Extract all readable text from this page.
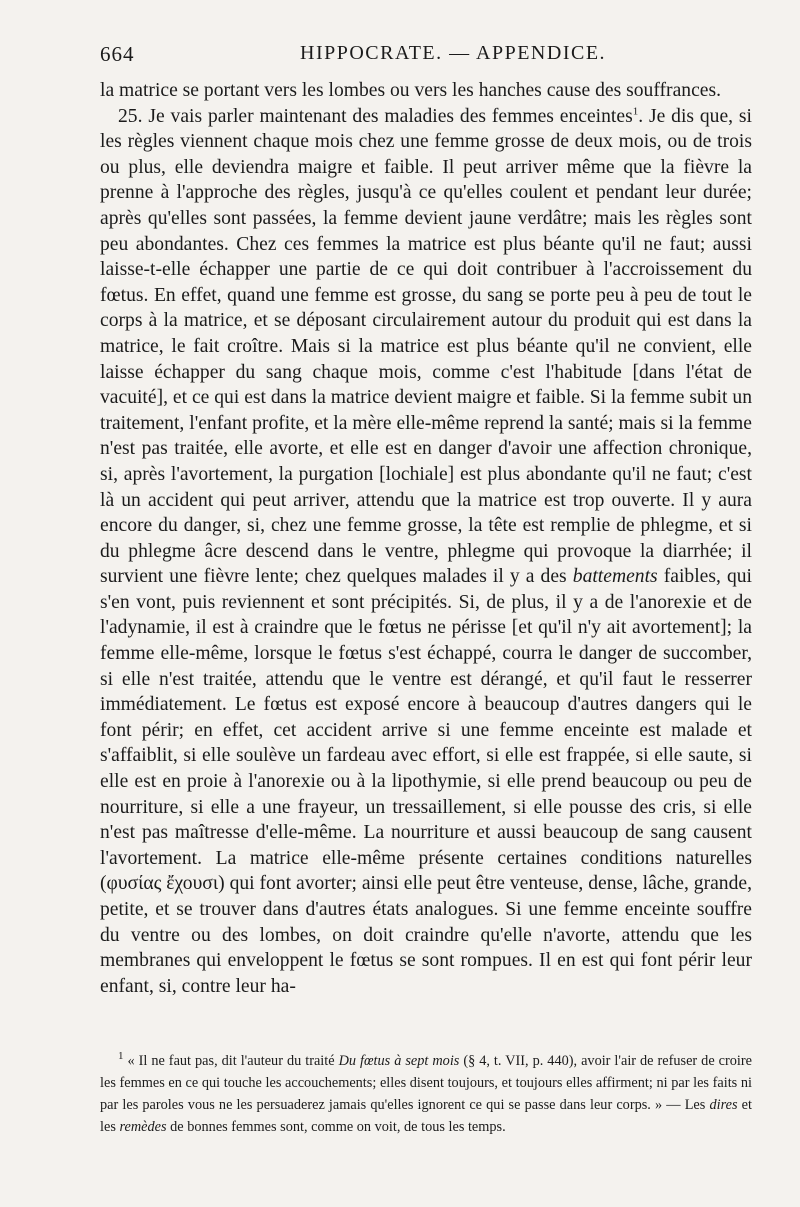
664	HIPPOCRATE. — APPENDICE.

la matrice se portant vers les lombes ou vers les hanches cause des souffrances.

25. Je vais parler maintenant des maladies des femmes enceintes$^1$. Je dis que, si les règles viennent chaque mois chez une femme grosse de deux mois, ou de trois ou plus, elle deviendra maigre et faible. Il peut arriver même que la fièvre la prenne à l'approche des règles, jusqu'à ce qu'elles coulent et pendant leur durée; après qu'elles sont passées, la femme devient jaune verdâtre; mais les règles sont peu abondantes. Chez ces femmes la matrice est plus béante qu'il ne faut; aussi laisse-t-elle échapper une partie de ce qui doit contribuer à l'accroissement du fœtus. En effet, quand une femme est grosse, du sang se porte peu à peu de tout le corps à la matrice, et se déposant circulairement autour du produit qui est dans la matrice, le fait croître. Mais si la matrice est plus béante qu'il ne convient, elle laisse échapper du sang chaque mois, comme c'est l'habitude [dans l'état de vacuité], et ce qui est dans la matrice devient maigre et faible. Si la femme subit un traitement, l'enfant profite, et la mère elle-même reprend la santé; mais si la femme n'est pas traitée, elle avorte, et elle est en danger d'avoir une affection chronique, si, après l'avortement, la purgation [lochiale] est plus abondante qu'il ne faut; c'est là un accident qui peut arriver, attendu que la matrice est trop ouverte. Il y aura encore du danger, si, chez une femme grosse, la tête est remplie de phlegme, et si du phlegme âcre descend dans le ventre, phlegme qui provoque la diarrhée; il survient une fièvre lente; chez quelques malades il y a des battements faibles, qui s'en vont, puis reviennent et sont précipités. Si, de plus, il y a de l'anorexie et de l'adynamie, il est à craindre que le fœtus ne périsse [et qu'il n'y ait avortement]; la femme elle-même, lorsque le fœtus s'est échappé, courra le danger de succomber, si elle n'est traitée, attendu que le ventre est dérangé, et qu'il faut le resserrer immédiatement. Le fœtus est exposé encore à beaucoup d'autres dangers qui le font périr; en effet, cet accident arrive si une femme enceinte est malade et s'affaiblit, si elle soulève un fardeau avec effort, si elle est frappée, si elle saute, si elle est en proie à l'anorexie ou à la lipothymie, si elle prend beaucoup ou peu de nourriture, si elle a une frayeur, un tressaillement, si elle pousse des cris, si elle n'est pas maîtresse d'elle-même. La nourriture et aussi beaucoup de sang causent l'avortement. La matrice elle-même présente certaines conditions naturelles (φυσίας ἔχουσι) qui font avorter; ainsi elle peut être venteuse, dense, lâche, grande, petite, et se trouver dans d'autres états analogues. Si une femme enceinte souffre du ventre ou des lombes, on doit craindre qu'elle n'avorte, attendu que les membranes qui enveloppent le fœtus se sont rompues. Il en est qui font périr leur enfant, si, contre leur ha-

$^1$ « Il ne faut pas, dit l'auteur du traité Du fœtus à sept mois (§ 4, t. VII, p. 440), avoir l'air de refuser de croire les femmes en ce qui touche les accouchements; elles disent toujours, et toujours elles affirment; ni par les faits ni par les paroles vous ne les persuaderez jamais qu'elles ignorent ce qui se passe dans leur corps. » — Les dires et les remèdes de bonnes femmes sont, comme on voit, de tous les temps.
